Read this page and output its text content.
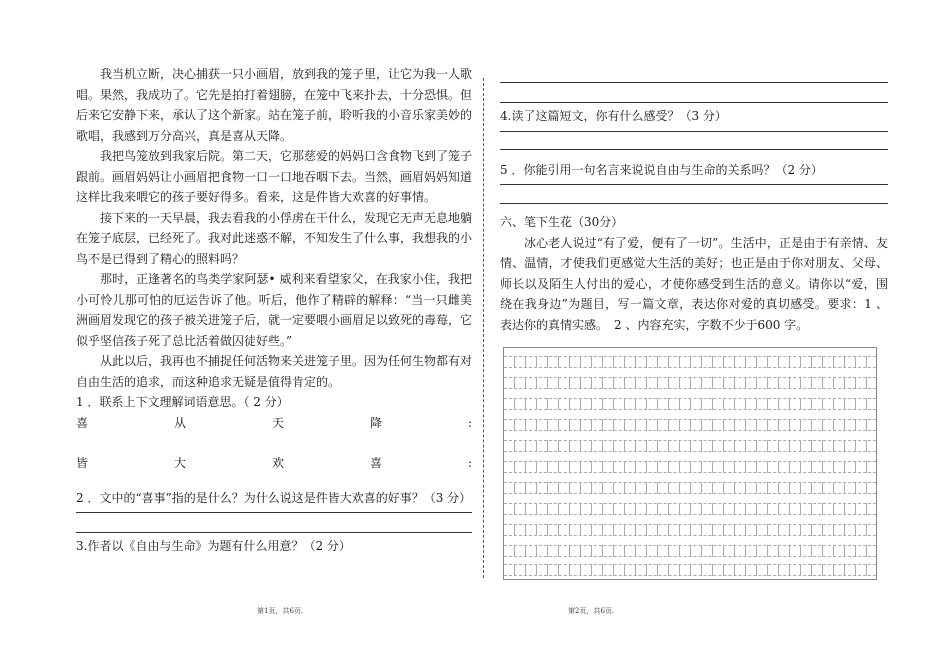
我当机立断，决心捕获一只小画眉，放到我的笼子里，让它为我一人歌唱。果然，我成功了。它先是拍打着翅膀，在笼中飞来扑去，十分恐惧。但后来它安静下来，承认了这个新家。站在笼子前，聆听我的小音乐家美妙的歌唱，我感到万分高兴，真是喜从天降。

我把鸟笼放到我家后院。第二天，它那慈爱的妈妈口含食物飞到了笼子跟前。画眉妈妈让小画眉把食物一口一口地吞咽下去。当然，画眉妈妈知道这样比我来喂它的孩子要好得多。看来，这是件皆大欢喜的好事情。

接下来的一天早晨，我去看我的小俘虏在干什么，发现它无声无息地躺在笼子底层，已经死了。我对此迷惑不解，不知发生了什么事，我想我的小鸟不是已得到了精心的照料吗？

那时，正逢著名的鸟类学家阿瑟• 威利来看望家父，在我家小住，我把小可怜儿那可怕的厄运告诉了他。听后，他作了精辟的解释：“当一只雌美洲画眉发现它的孩子被关进笼子后，就一定要喂小画眉足以致死的毒莓，它似乎坚信孩子死了总比活着做囚徒好些。”

从此以后，我再也不捕捉任何活物来关进笼子里。因为任何生物都有对自由生活的追求，而这种追求无疑是值得肯定的。

1 ．联系上下文理解词语意思。（ 2 分）

喜	从	天	降	:
皆	大	欢	喜	:

2 ．文中的“喜事”指的是什么？为什么说这是件皆大欢喜的好事？（3 分）

3.作者以《自由与生命》为题有什么用意？（2 分）

4.读了这篇短文，你有什么感受？（3 分）

5 ．你能引用一句名言来说说自由与生命的关系吗？（2 分）

六、笔下生花（30分）

冰心老人说过“有了爱，便有了一切”。生活中，正是由于有亲情、友情、温情，才使我们更感觉大生活的美好；也正是由于你对朋友、父母、师长以及陌生人付出的爱心，才使你感受到生活的意义。请你以“爱，围绕在我身边”为题目，写一篇文章，表达你对爱的真切感受。要求：1 、表达你的真情实感。　2 、内容充实，字数不少于600 字。

第1页，共6页.	第2页，共6页.
